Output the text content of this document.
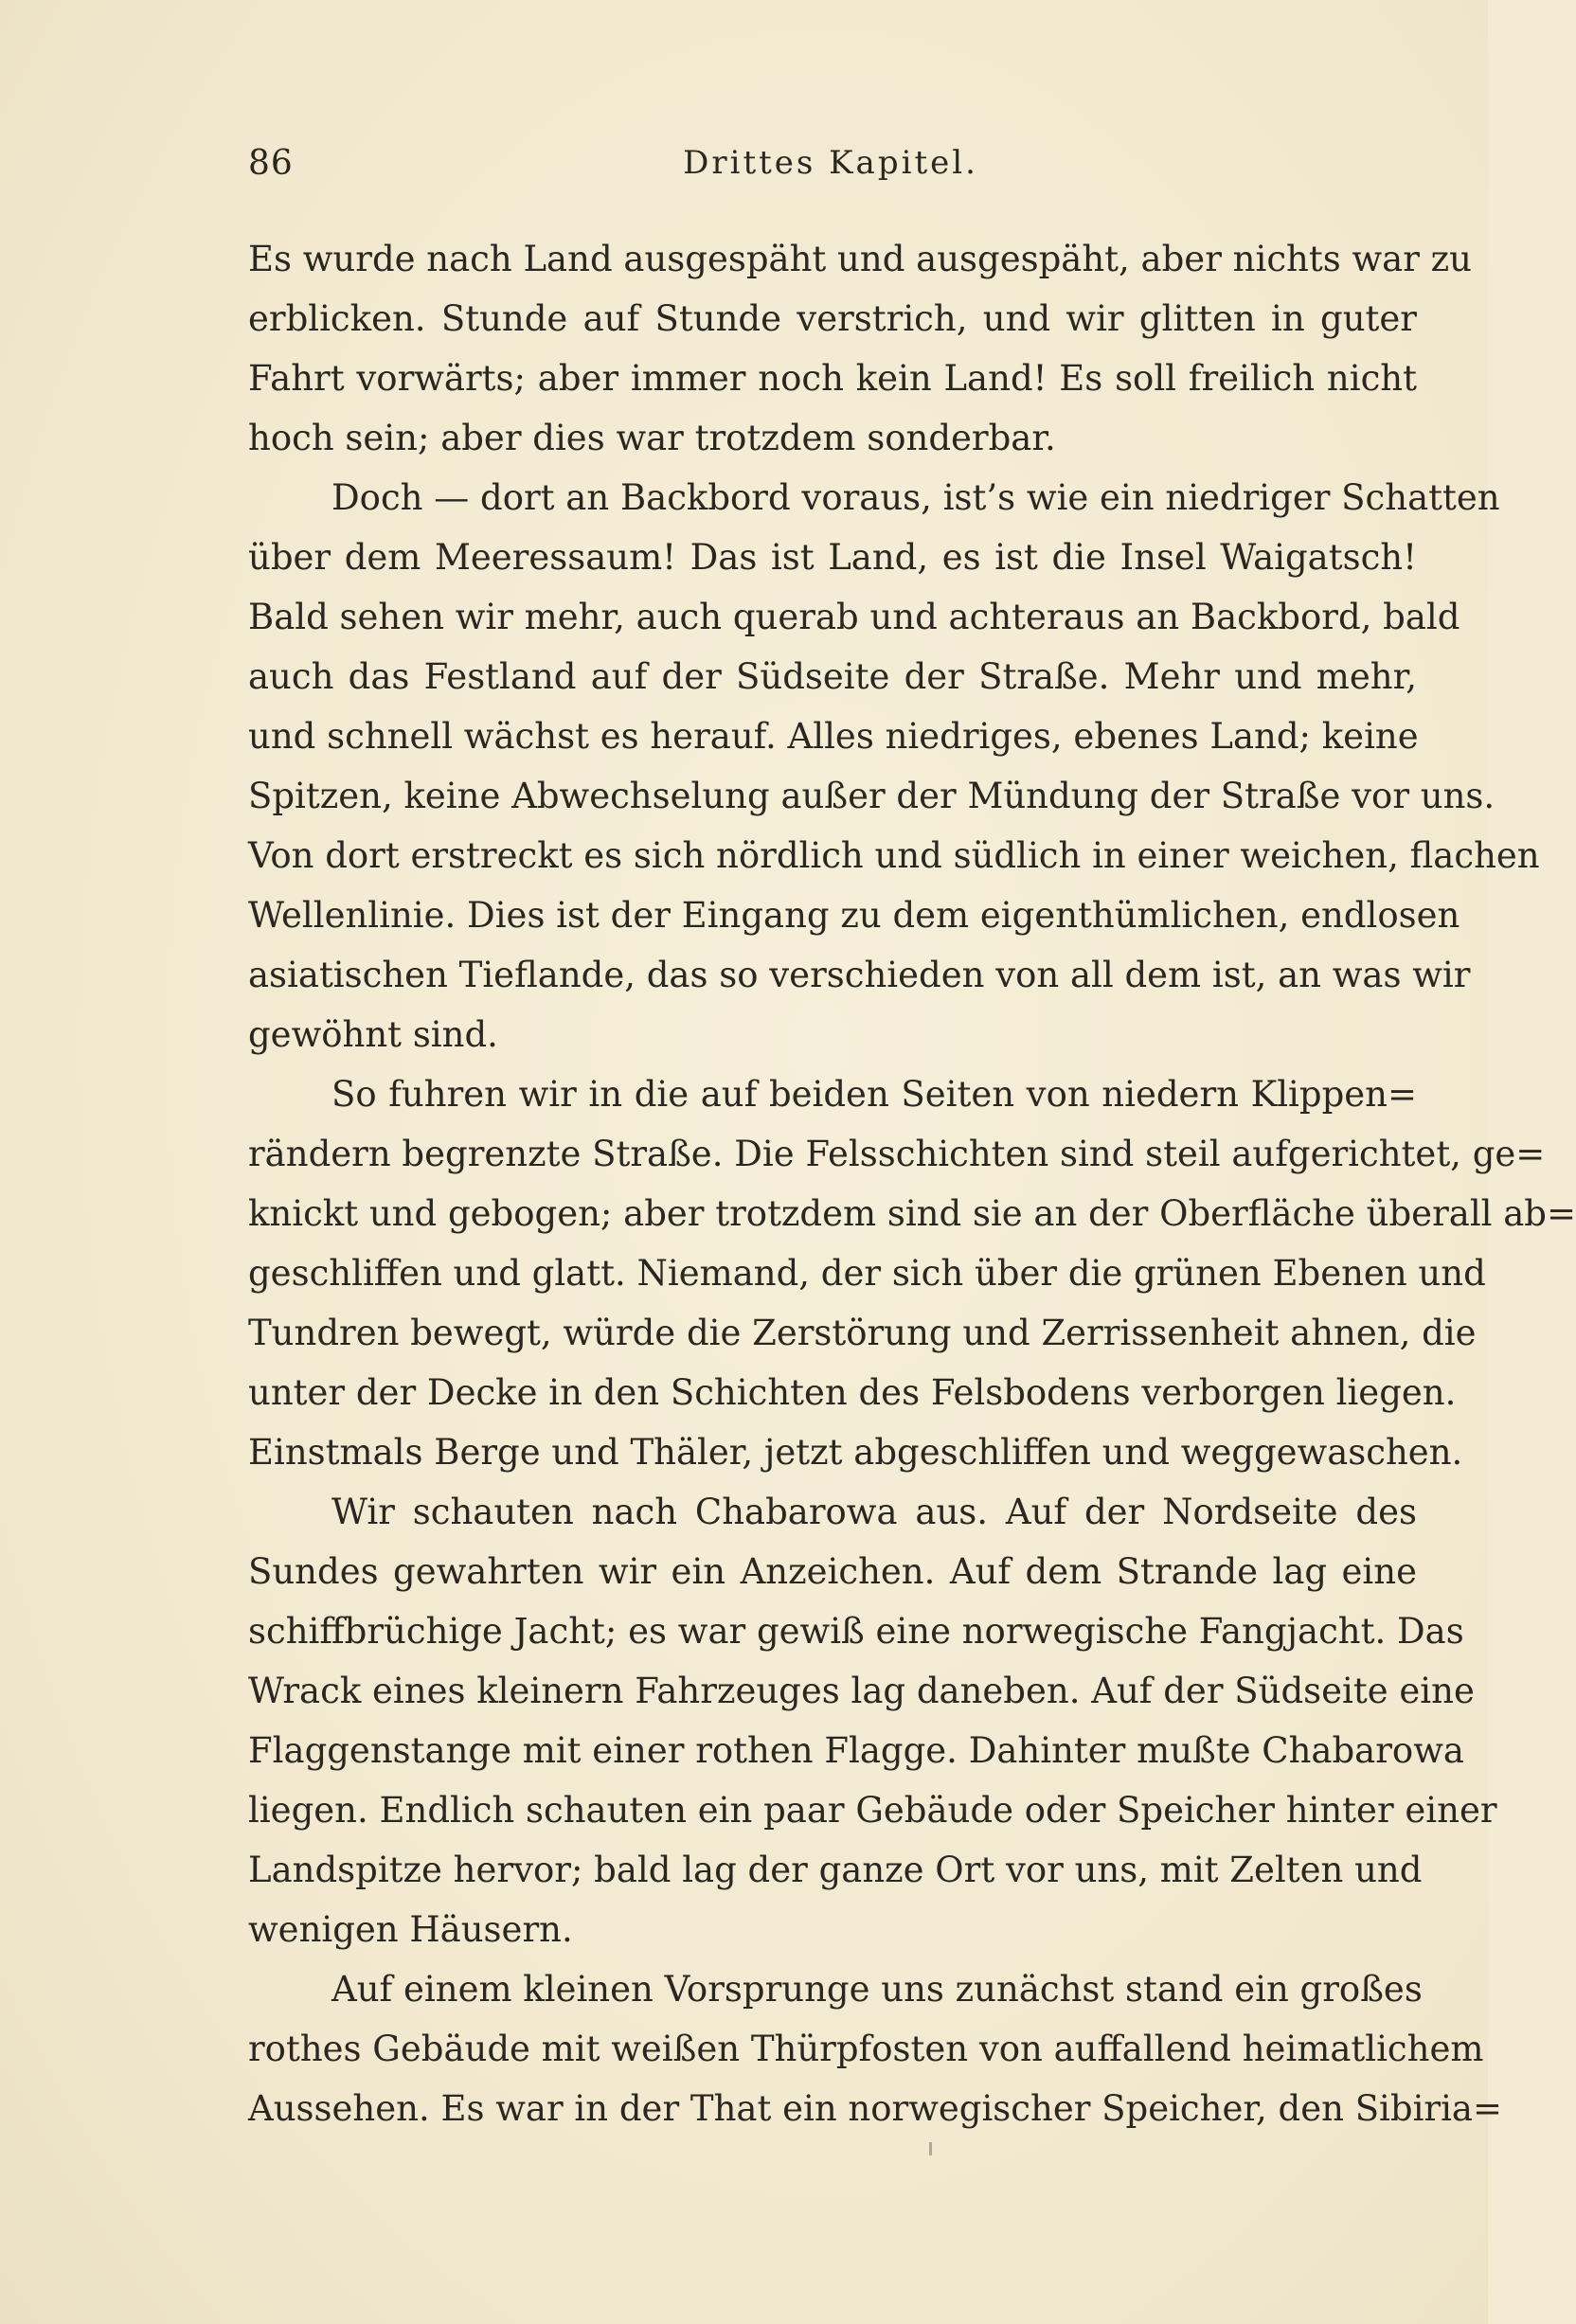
86	Drittes Kapitel.
Es wurde nach Land ausgespäht und ausgespäht, aber nichts war zu
erblicken. Stunde auf Stunde verstrich, und wir glitten in guter
Fahrt vorwärts; aber immer noch kein Land! Es soll freilich nicht
hoch sein; aber dies war trotzdem sonderbar.
Doch — dort an Backbord voraus, ist’s wie ein niedriger Schatten
über dem Meeressaum! Das ist Land, es ist die Insel Waigatsch!
Bald sehen wir mehr, auch querab und achteraus an Backbord, bald
auch das Festland auf der Südseite der Straße. Mehr und mehr,
und schnell wächst es herauf. Alles niedriges, ebenes Land; keine
Spitzen, keine Abwechselung außer der Mündung der Straße vor uns.
Von dort erstreckt es sich nördlich und südlich in einer weichen, flachen
Wellenlinie. Dies ist der Eingang zu dem eigenthümlichen, endlosen
asiatischen Tieflande, das so verschieden von all dem ist, an was wir
gewöhnt sind.
So fuhren wir in die auf beiden Seiten von niedern Klippen=
rändern begrenzte Straße. Die Felsschichten sind steil aufgerichtet, ge=
knickt und gebogen; aber trotzdem sind sie an der Oberfläche überall ab=
geschliffen und glatt. Niemand, der sich über die grünen Ebenen und
Tundren bewegt, würde die Zerstörung und Zerrissenheit ahnen, die
unter der Decke in den Schichten des Felsbodens verborgen liegen.
Einstmals Berge und Thäler, jetzt abgeschliffen und weggewaschen.
Wir schauten nach Chabarowa aus. Auf der Nordseite des
Sundes gewahrten wir ein Anzeichen. Auf dem Strande lag eine
schiffbrüchige Jacht; es war gewiß eine norwegische Fangjacht. Das
Wrack eines kleinern Fahrzeuges lag daneben. Auf der Südseite eine
Flaggenstange mit einer rothen Flagge. Dahinter mußte Chabarowa
liegen. Endlich schauten ein paar Gebäude oder Speicher hinter einer
Landspitze hervor; bald lag der ganze Ort vor uns, mit Zelten und
wenigen Häusern.
Auf einem kleinen Vorsprunge uns zunächst stand ein großes
rothes Gebäude mit weißen Thürpfosten von auffallend heimatlichem
Aussehen. Es war in der That ein norwegischer Speicher, den Sibiria=
